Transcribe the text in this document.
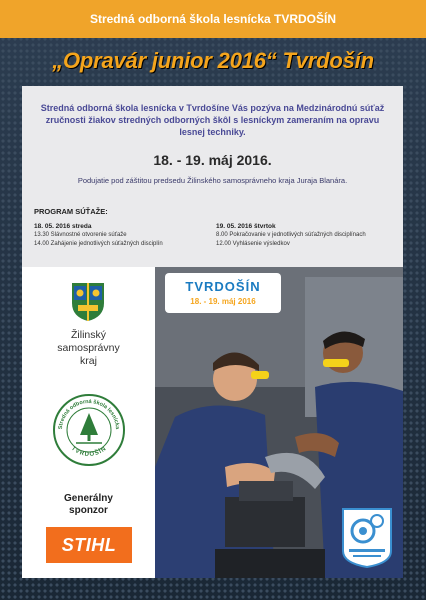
Stredná odborná škola lesnícka TVRDOŠÍN
„Opravár junior 2016“ Tvrdošín
Stredná odborná škola lesnícka v Tvrdošíne Vás pozýva na Medzinárodnú súťaž zručnosti žiakov stredných odborných škôl s lesníckym zameraním na opravu lesnej techniky.
18. - 19. máj 2016.
Podujatie pod záštitou predsedu Žilinského samosprávneho kraja Juraja Blanára.
PROGRAM SÚŤAŽE:
18. 05. 2016 streda
13.30 Slávnostné otvorenie súťaže
14.00 Zahájenie jednotlivých súťažných disciplín
19. 05. 2016 štvrtok
8.00 Pokračovanie v jednotlivých súťažných disciplínach
12.00 Vyhlásenie výsledkov
Žilinský
samosprávny
kraj
Stredná odborná škola lesnícka
TVRDOŠÍN
Generálny
sponzor
STIHL
TVRDOŠÍN
18. - 19. máj 2016
